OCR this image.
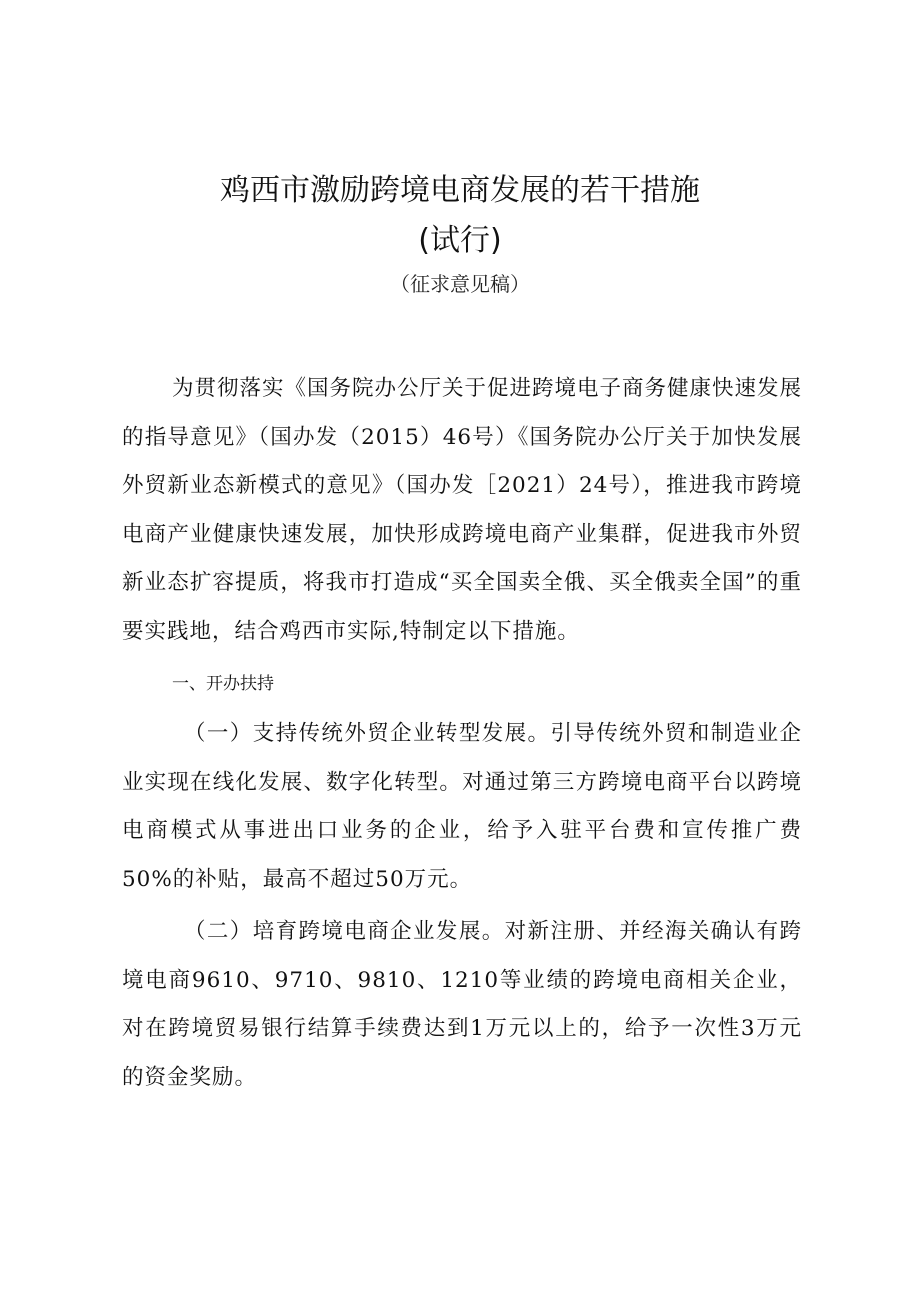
鸡西市激励跨境电商发展的若干措施
(试行)
（征求意见稿）

为贯彻落实《国务院办公厅关于促进跨境电子商务健康快速发展的指导意见》（国办发（2015）46号）《国务院办公厅关于加快发展外贸新业态新模式的意见》（国办发［2021）24号），推进我市跨境电商产业健康快速发展，加快形成跨境电商产业集群，促进我市外贸新业态扩容提质，将我市打造成“买全国卖全俄、买全俄卖全国”的重要实践地，结合鸡西市实际,特制定以下措施。

一、开办扶持

（一）支持传统外贸企业转型发展。引导传统外贸和制造业企业实现在线化发展、数字化转型。对通过第三方跨境电商平台以跨境电商模式从事进出口业务的企业，给予入驻平台费和宣传推广费50%的补贴，最高不超过50万元。

（二）培育跨境电商企业发展。对新注册、并经海关确认有跨境电商9610、9710、9810、1210等业绩的跨境电商相关企业，对在跨境贸易银行结算手续费达到1万元以上的，给予一次性3万元的资金奖励。
